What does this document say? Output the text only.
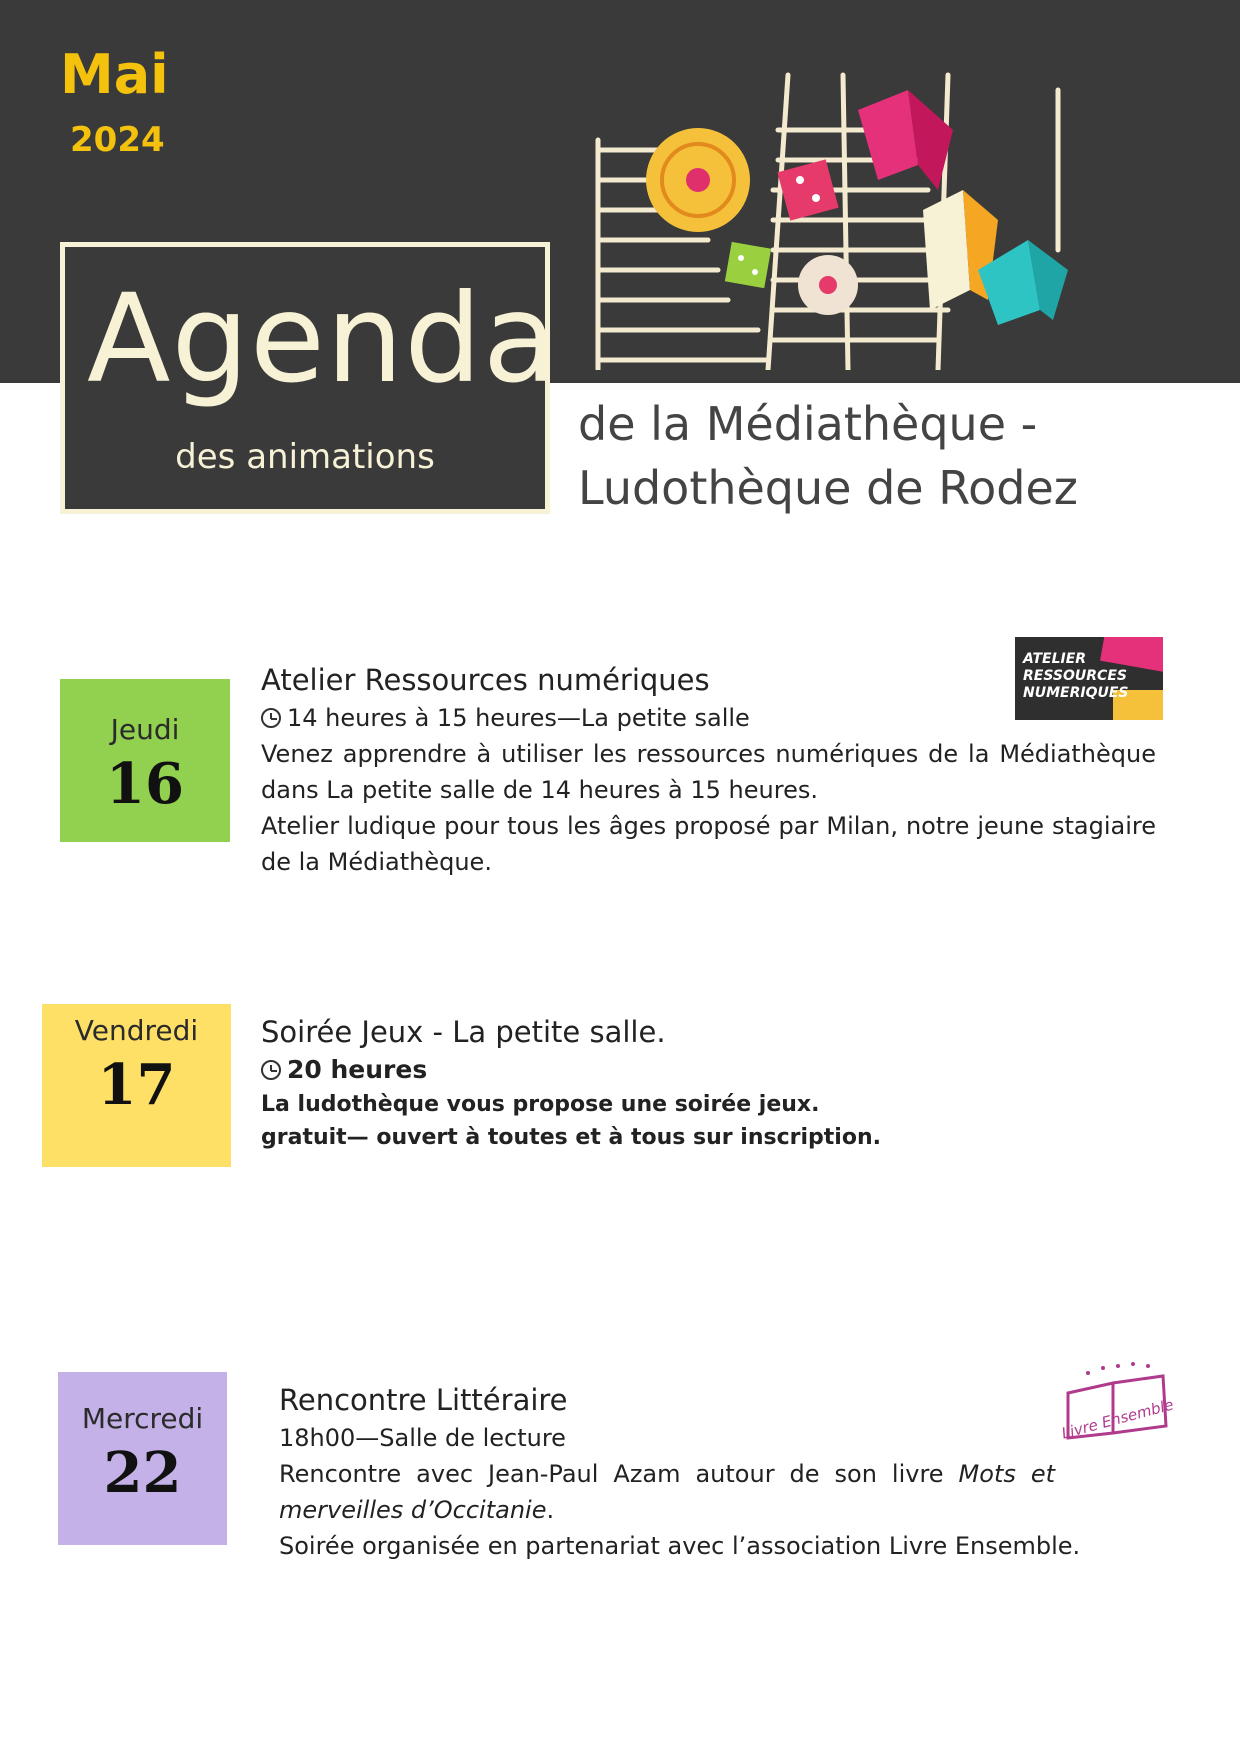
Mai
2024
Agenda
des animations
de la Médiathèque -
Ludothèque de Rodez
Jeudi
16
Atelier Ressources numériques
14 heures à 15 heures—La petite salle
Venez apprendre à utiliser les ressources numériques de la Médiathèque dans La petite salle de 14 heures à 15 heures.
Atelier ludique pour tous les âges proposé par Milan, notre jeune stagiaire de la Médiathèque.
ATELIER
RESSOURCES
NUMERIQUES
Vendredi
17
Soirée Jeux - La petite salle.
20 heures
La ludothèque vous propose une soirée jeux.
gratuit— ouvert à toutes et à tous sur inscription.
Mercredi
22
Rencontre Littéraire
18h00—Salle de lecture
Rencontre avec Jean-Paul Azam autour de son livre Mots et merveilles d’Occitanie.
Soirée organisée en partenariat avec l’association Livre Ensemble.
Livre Ensemble
